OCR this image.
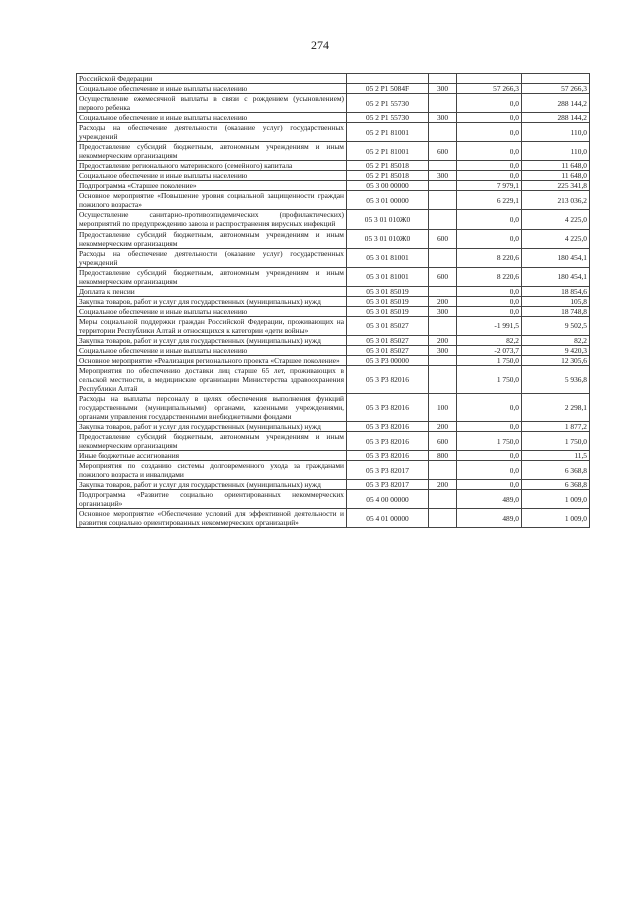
274
Российской Федерации				
Социальное обеспечение и иные выплаты населению	05 2 P1 5084F	300	57 266,3	57 266,3
Осуществление ежемесячной выплаты в связи с рождением (усыновлением) первого ребенка	05 2 P1 55730		0,0	288 144,2
Социальное обеспечение и иные выплаты населению	05 2 P1 55730	300	0,0	288 144,2
Расходы на обеспечение деятельности (оказание услуг) государственных учреждений	05 2 P1 81001		0,0	110,0
Предоставление субсидий бюджетным, автономным учреждениям и иным некоммерческим организациям	05 2 P1 81001	600	0,0	110,0
Предоставление регионального материнского (семейного) капитала	05 2 P1 85018		0,0	11 648,0
Социальное обеспечение и иные выплаты населению	05 2 P1 85018	300	0,0	11 648,0
Подпрограмма «Старшее поколение»	05 3 00 00000		7 979,1	225 341,8
Основное мероприятие «Повышение уровня социальной защищенности граждан пожилого возраста»	05 3 01 00000		6 229,1	213 036,2
Осуществление санитарно-противоэпидемических (профилактических) мероприятий по предупреждению завоза и распространения вирусных инфекций	05 3 01 010Ж0		0,0	4 225,0
Предоставление субсидий бюджетным, автономным учреждениям и иным некоммерческим организациям	05 3 01 010Ж0	600	0,0	4 225,0
Расходы на обеспечение деятельности (оказание услуг) государственных учреждений	05 3 01 81001		8 220,6	180 454,1
Предоставление субсидий бюджетным, автономным учреждениям и иным некоммерческим организациям	05 3 01 81001	600	8 220,6	180 454,1
Доплата к пенсии	05 3 01 85019		0,0	18 854,6
Закупка товаров, работ и услуг для государственных (муниципальных) нужд	05 3 01 85019	200	0,0	105,8
Социальное обеспечение и иные выплаты населению	05 3 01 85019	300	0,0	18 748,8
Меры социальной поддержки граждан Российской Федерации, проживающих на территории Республики Алтай и относящихся к категории «дети войны»	05 3 01 85027		-1 991,5	9 502,5
Закупка товаров, работ и услуг для государственных (муниципальных) нужд	05 3 01 85027	200	82,2	82,2
Социальное обеспечение и иные выплаты населению	05 3 01 85027	300	-2 073,7	9 420,3
Основное мероприятие «Реализация регионального проекта «Старшее поколение»	05 3 P3 00000		1 750,0	12 305,6
Мероприятия по обеспечению доставки лиц старше 65 лет, проживающих в сельской местности, в медицинские организации Министерства здравоохранения Республики Алтай	05 3 P3 82016		1 750,0	5 936,8
Расходы на выплаты персоналу в целях обеспечения выполнения функций государственными (муниципальными) органами, казенными учреждениями, органами управления государственными внебюджетными фондами	05 3 P3 82016	100	0,0	2 298,1
Закупка товаров, работ и услуг для государственных (муниципальных) нужд	05 3 P3 82016	200	0,0	1 877,2
Предоставление субсидий бюджетным, автономным учреждениям и иным некоммерческим организациям	05 3 P3 82016	600	1 750,0	1 750,0
Иные бюджетные ассигнования	05 3 P3 82016	800	0,0	11,5
Мероприятия по созданию системы долговременного ухода за гражданами пожилого возраста и инвалидами	05 3 P3 82017		0,0	6 368,8
Закупка товаров, работ и услуг для государственных (муниципальных) нужд	05 3 P3 82017	200	0,0	6 368,8
Подпрограмма «Развитие социально ориентированных некоммерческих организаций»	05 4 00 00000		489,0	1 009,0
Основное мероприятие «Обеспечение условий для эффективной деятельности и развития социально ориентированных некоммерческих организаций»	05 4 01 00000		489,0	1 009,0
